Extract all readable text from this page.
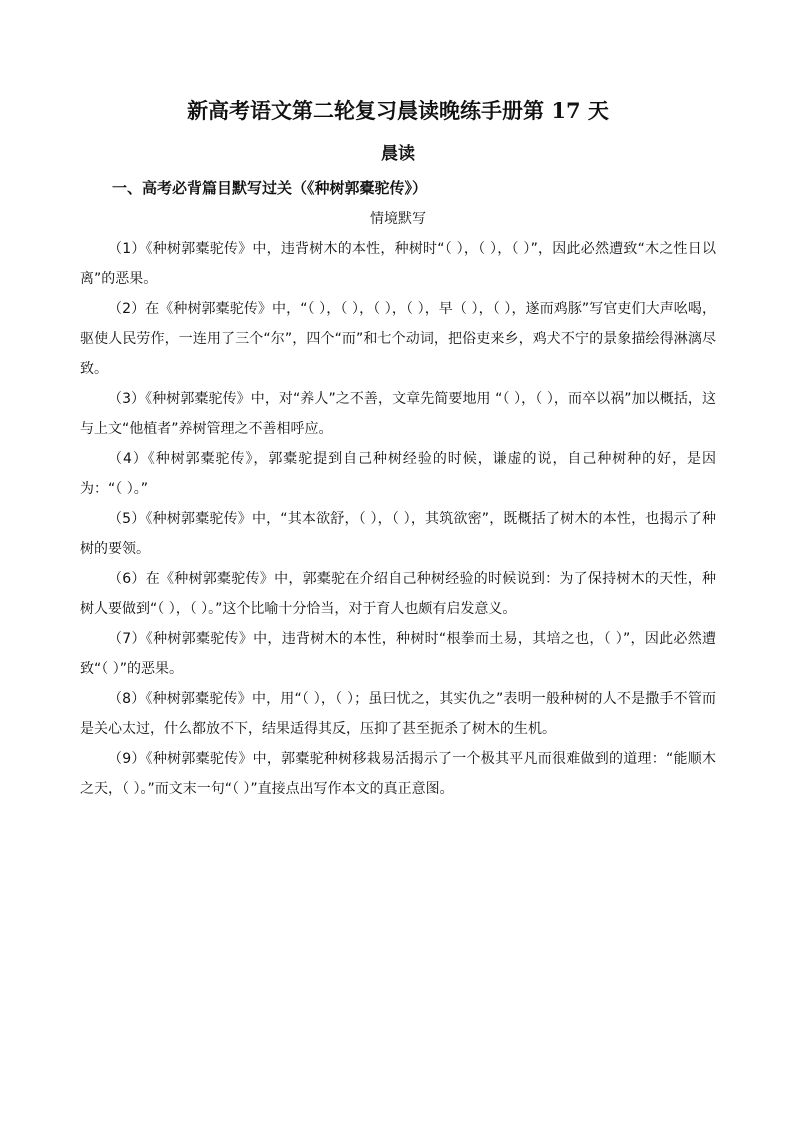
新高考语文第二轮复习晨读晚练手册第 17 天
晨读
一、高考必背篇目默写过关（《种树郭橐驼传》）
情境默写

（1）《种树郭橐驼传》中，违背树木的本性，种树时“（ ），（ ），（ ）”，因此必然遭致“木之性日以离”的恶果。

（2）在《种树郭橐驼传》中，“（ ），（ ），（ ），（ ），早（ ），（ ），遂而鸡豚”写官吏们大声吆喝，驱使人民劳作，一连用了三个“尔”，四个“而”和七个动词，把俗吏来乡，鸡犬不宁的景象描绘得淋漓尽致。

（3）《种树郭橐驼传》中，对“养人”之不善，文章先简要地用 “（ ），（ ），而卒以祸”加以概括，这与上文“他植者”养树管理之不善相呼应。

（4）《种树郭橐驼传》，郭橐驼提到自己种树经验的时候，谦虚的说，自己种树种的好，是因为：“（ ）。”

（5）《种树郭橐驼传》中，“其本欲舒，（ ），（ ），其筑欲密”，既概括了树木的本性，也揭示了种树的要领。

（6）在《种树郭橐驼传》中，郭橐驼在介绍自己种树经验的时候说到：为了保持树木的天性，种树人要做到“（ ），（ ）。”这个比喻十分恰当，对于育人也颇有启发意义。

（7）《种树郭橐驼传》中，违背树木的本性，种树时“根拳而土易，其培之也，（ ）”，因此必然遭致“（ ）”的恶果。

（8）《种树郭橐驼传》中，用“（ ），（ ）；虽曰忧之，其实仇之”表明一般种树的人不是撒手不管而是关心太过，什么都放不下，结果适得其反，压抑了甚至扼杀了树木的生机。

（9）《种树郭橐驼传》中，郭橐驼种树移栽易活揭示了一个极其平凡而很难做到的道理：“能顺木之天，（ ）。”而文末一句“（ ）”直接点出写作本文的真正意图。
